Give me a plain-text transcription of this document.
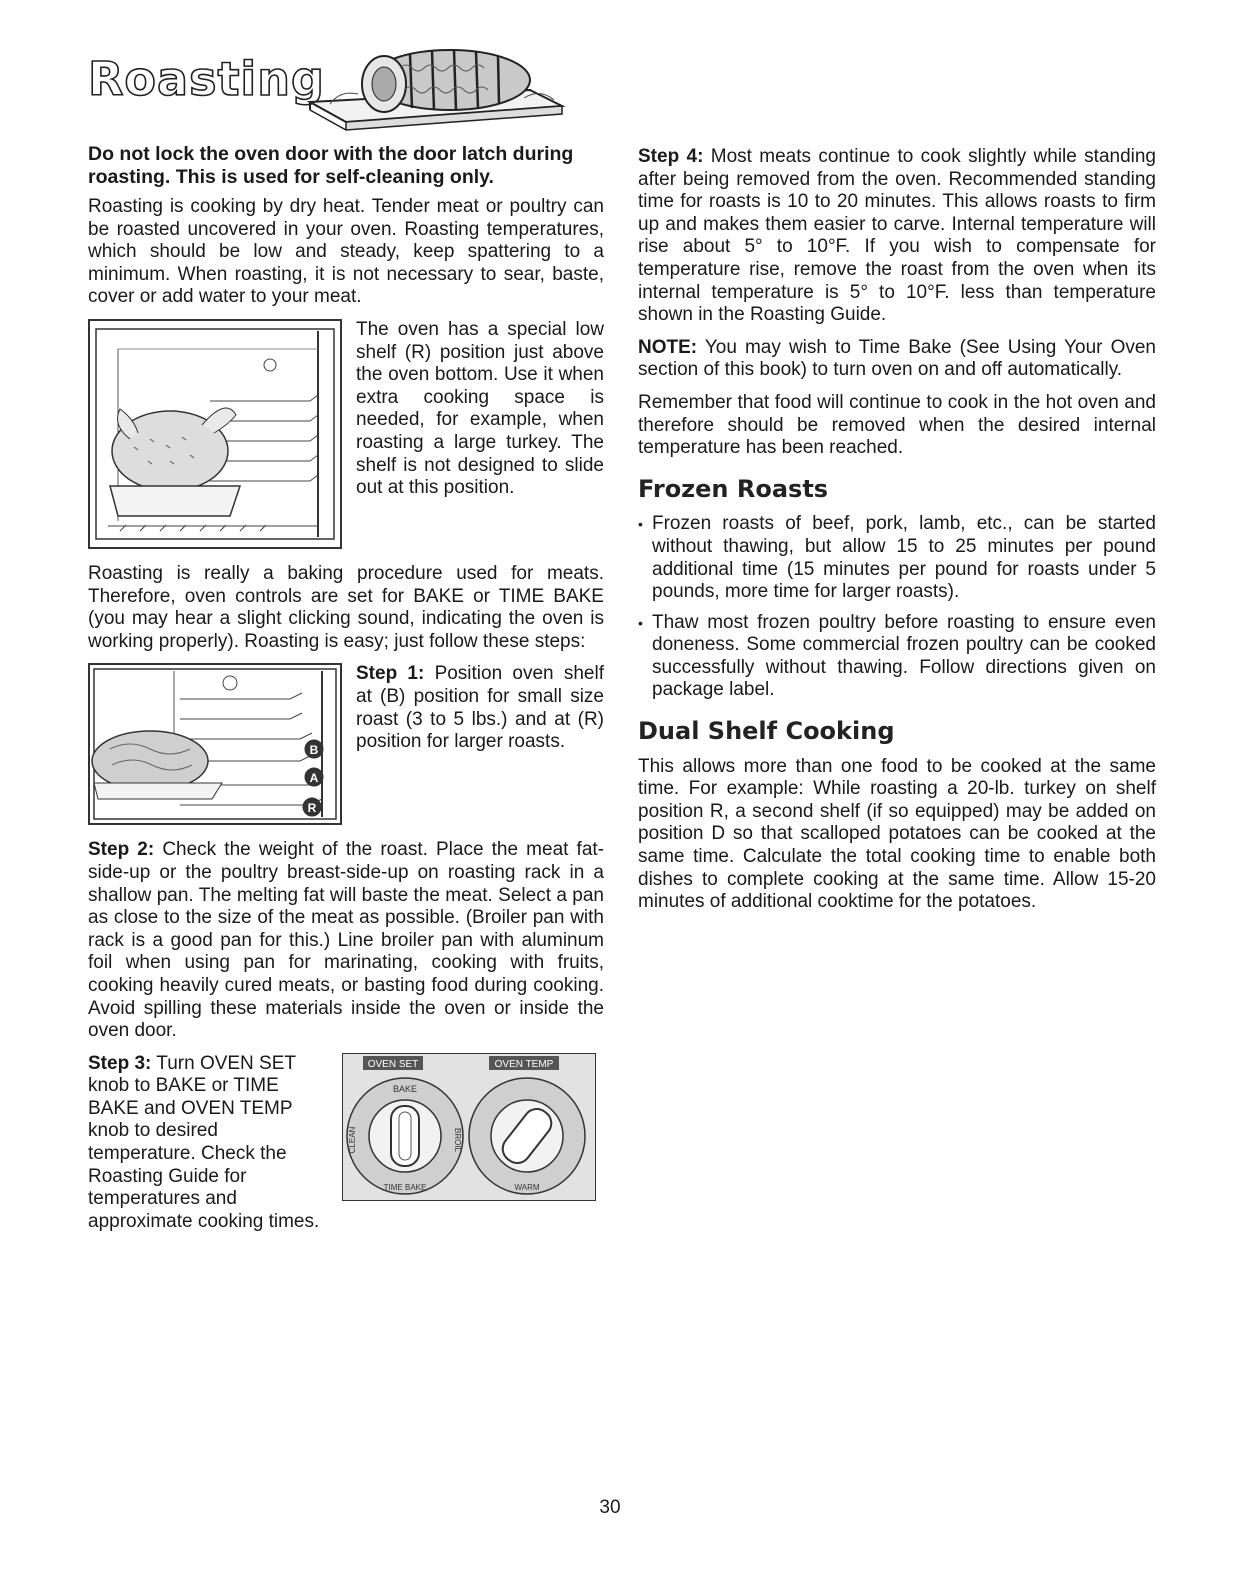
Roasting

Do not lock the oven door with the door latch during roasting. This is used for self-cleaning only.

Roasting is cooking by dry heat. Tender meat or poultry can be roasted uncovered in your oven. Roasting temperatures, which should be low and steady, keep spattering to a minimum. When roasting, it is not necessary to sear, baste, cover or add water to your meat.

The oven has a special low shelf (R) position just above the oven bottom. Use it when extra cooking space is needed, for example, when roasting a large turkey. The shelf is not designed to slide out at this position.

Roasting is really a baking procedure used for meats. Therefore, oven controls are set for BAKE or TIME BAKE (you may hear a slight clicking sound, indicating the oven is working properly). Roasting is easy; just follow these steps:

B
A
R
Step 1: Position oven shelf at (B) position for small size roast (3 to 5 lbs.) and at (R) position for larger roasts.

Step 2: Check the weight of the roast. Place the meat fat-side-up or the poultry breast-side-up on roasting rack in a shallow pan. The melting fat will baste the meat. Select a pan as close to the size of the meat as possible. (Broiler pan with rack is a good pan for this.) Line broiler pan with aluminum foil when using pan for marinating, cooking with fruits, cooking heavily cured meats, or basting food during cooking. Avoid spilling these materials inside the oven or inside the oven door.

Step 3: Turn OVEN SET knob to BAKE or TIME BAKE and OVEN TEMP knob to desired temperature. Check the Roasting Guide for temperatures and approximate cooking times.
OVEN SET	OVEN TEMP
BAKE
TIME BAKE
BROIL
CLEAN
WARM

Step 4: Most meats continue to cook slightly while standing after being removed from the oven. Recommended standing time for roasts is 10 to 20 minutes. This allows roasts to firm up and makes them easier to carve. Internal temperature will rise about 5° to 10°F. If you wish to compensate for temperature rise, remove the roast from the oven when its internal temperature is 5° to 10°F. less than temperature shown in the Roasting Guide.

NOTE: You may wish to Time Bake (See Using Your Oven section of this book) to turn oven on and off automatically.

Remember that food will continue to cook in the hot oven and therefore should be removed when the desired internal temperature has been reached.

Frozen Roasts
• Frozen roasts of beef, pork, lamb, etc., can be started without thawing, but allow 15 to 25 minutes per pound additional time (15 minutes per pound for roasts under 5 pounds, more time for larger roasts).
• Thaw most frozen poultry before roasting to ensure even doneness. Some commercial frozen poultry can be cooked successfully without thawing. Follow directions given on package label.
Dual Shelf Cooking

This allows more than one food to be cooked at the same time. For example: While roasting a 20-lb. turkey on shelf position R, a second shelf (if so equipped) may be added on position D so that scalloped potatoes can be cooked at the same time. Calculate the total cooking time to enable both dishes to complete cooking at the same time. Allow 15-20 minutes of additional cooktime for the potatoes.

30
